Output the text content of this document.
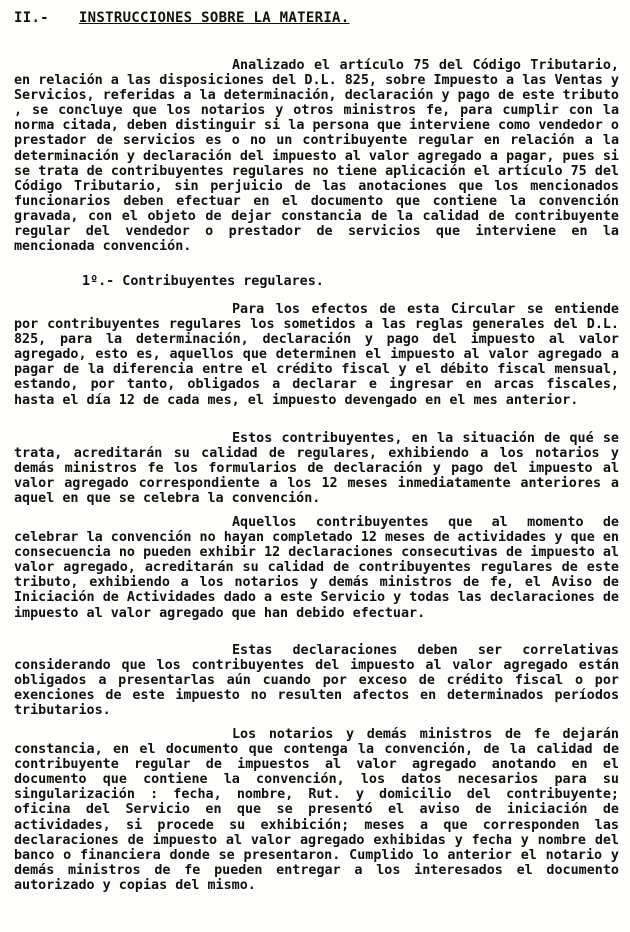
II.- INSTRUCCIONES SOBRE LA MATERIA.

Analizado el artículo 75 del Código Tributario, en relación a las disposiciones del D.L. 825, sobre Impuesto a las Ventas y Servicios, referidas a la determinación, declaración y pago de este tributo , se concluye que los notarios y otros ministros fe, para cumplir con la norma citada, deben distinguir si la persona que interviene como vendedor o prestador de servicios es o no un contribuyente regular en relación a la determinación y declaración del impuesto al valor agregado a pagar, pues si se trata de contribuyentes regulares no tiene aplicación el artículo 75 del Código Tributario, sin perjuicio de las anotaciones que los mencionados funcionarios deben efectuar en el documento que contiene la convención gravada, con el objeto de dejar constancia de la calidad de contribuyente regular del vendedor o prestador de servicios que interviene en la mencionada convención.

1º.- Contribuyentes regulares.

Para los efectos de esta Circular se entiende por contribuyentes regulares los sometidos a las reglas generales del D.L. 825, para la determinación, declaración y pago del impuesto al valor agregado, esto es, aquellos que determinen el impuesto al valor agregado a pagar de la diferencia entre el crédito fiscal y el débito fiscal mensual, estando, por tanto, obligados a declarar e ingresar en arcas fiscales, hasta el día 12 de cada mes, el impuesto devengado en el mes anterior.

Estos contribuyentes, en la situación de qué se trata, acreditarán su calidad de regulares, exhibiendo a los notarios y demás ministros fe los formularios de declaración y pago del impuesto al valor agregado correspondiente a los 12 meses inmediatamente anteriores a aquel en que se celebra la convención.

Aquellos contribuyentes que al momento de celebrar la convención no hayan completado 12 meses de actividades y que en consecuencia no pueden exhibir 12 declaraciones consecutivas de impuesto al valor agregado, acreditarán su calidad de contribuyentes regulares de este tributo, exhibiendo a los notarios y demás ministros de fe, el Aviso de Iniciación de Actividades dado a este Servicio y todas las declaraciones de impuesto al valor agregado que han debido efectuar.

Estas declaraciones deben ser correlativas considerando que los contribuyentes del impuesto al valor agregado están obligados a presentarlas aún cuando por exceso de crédito fiscal o por exenciones de este impuesto no resulten afectos en determinados períodos tributarios.

Los notarios y demás ministros de fe dejarán constancia, en el documento que contenga la convención, de la calidad de contribuyente regular de impuestos al valor agregado anotando en el documento que contiene la convención, los datos necesarios para su singularización : fecha, nombre, Rut. y domicilio del contribuyente; oficina del Servicio en que se presentó el aviso de iniciación de actividades, si procede su exhibición; meses a que corresponden las declaraciones de impuesto al valor agregado exhibidas y fecha y nombre del banco o financiera donde se presentaron. Cumplido lo anterior el notario y demás ministros de fe pueden entregar a los interesados el documento autorizado y copias del mismo.
